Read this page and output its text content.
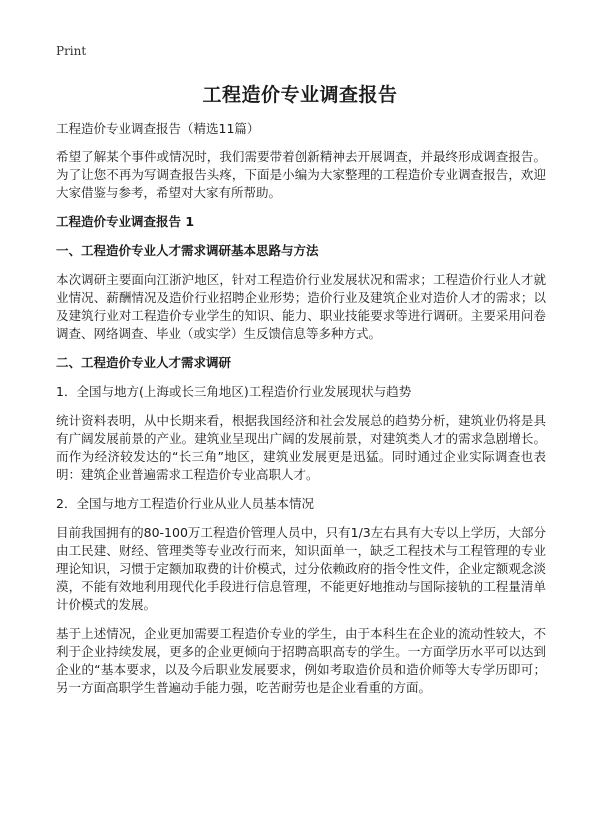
Print
工程造价专业调查报告
工程造价专业调查报告（精选11篇）

希望了解某个事件或情况时，我们需要带着创新精神去开展调查，并最终形成调查报告。为了让您不再为写调查报告头疼，下面是小编为大家整理的工程造价专业调查报告，欢迎大家借鉴与参考，希望对大家有所帮助。

工程造价专业调查报告 1
一、工程造价专业人才需求调研基本思路与方法

本次调研主要面向江浙沪地区，针对工程造价行业发展状况和需求；工程造价行业人才就业情况、薪酬情况及造价行业招聘企业形势；造价行业及建筑企业对造价人才的需求；以及建筑行业对工程造价专业学生的知识、能力、职业技能要求等进行调研。主要采用问卷调查、网络调查、毕业（或实学）生反馈信息等多种方式。

二、工程造价专业人才需求调研
1．全国与地方(上海或长三角地区)工程造价行业发展现状与趋势

统计资料表明，从中长期来看，根据我国经济和社会发展总的趋势分析，建筑业仍将是具有广阔发展前景的产业。建筑业呈现出广阔的发展前景，对建筑类人才的需求急剧增长。而作为经济较发达的“长三角”地区，建筑业发展更是迅猛。同时通过企业实际调查也表明：建筑企业普遍需求工程造价专业高职人才。

2．全国与地方工程造价行业从业人员基本情况

目前我国拥有的80-100万工程造价管理人员中，只有1/3左右具有大专以上学历，大部分由工民建、财经、管理类等专业改行而来，知识面单一，缺乏工程技术与工程管理的专业理论知识，习惯于定额加取费的计价模式，过分依赖政府的指令性文件，企业定额观念淡漠，不能有效地利用现代化手段进行信息管理，不能更好地推动与国际接轨的工程量清单计价模式的发展。

基于上述情况，企业更加需要工程造价专业的学生，由于本科生在企业的流动性较大，不利于企业持续发展，更多的企业更倾向于招聘高职高专的学生。一方面学历水平可以达到企业的“基本要求，以及今后职业发展要求，例如考取造价员和造价师等大专学历即可；另一方面高职学生普遍动手能力强，吃苦耐劳也是企业看重的方面。
